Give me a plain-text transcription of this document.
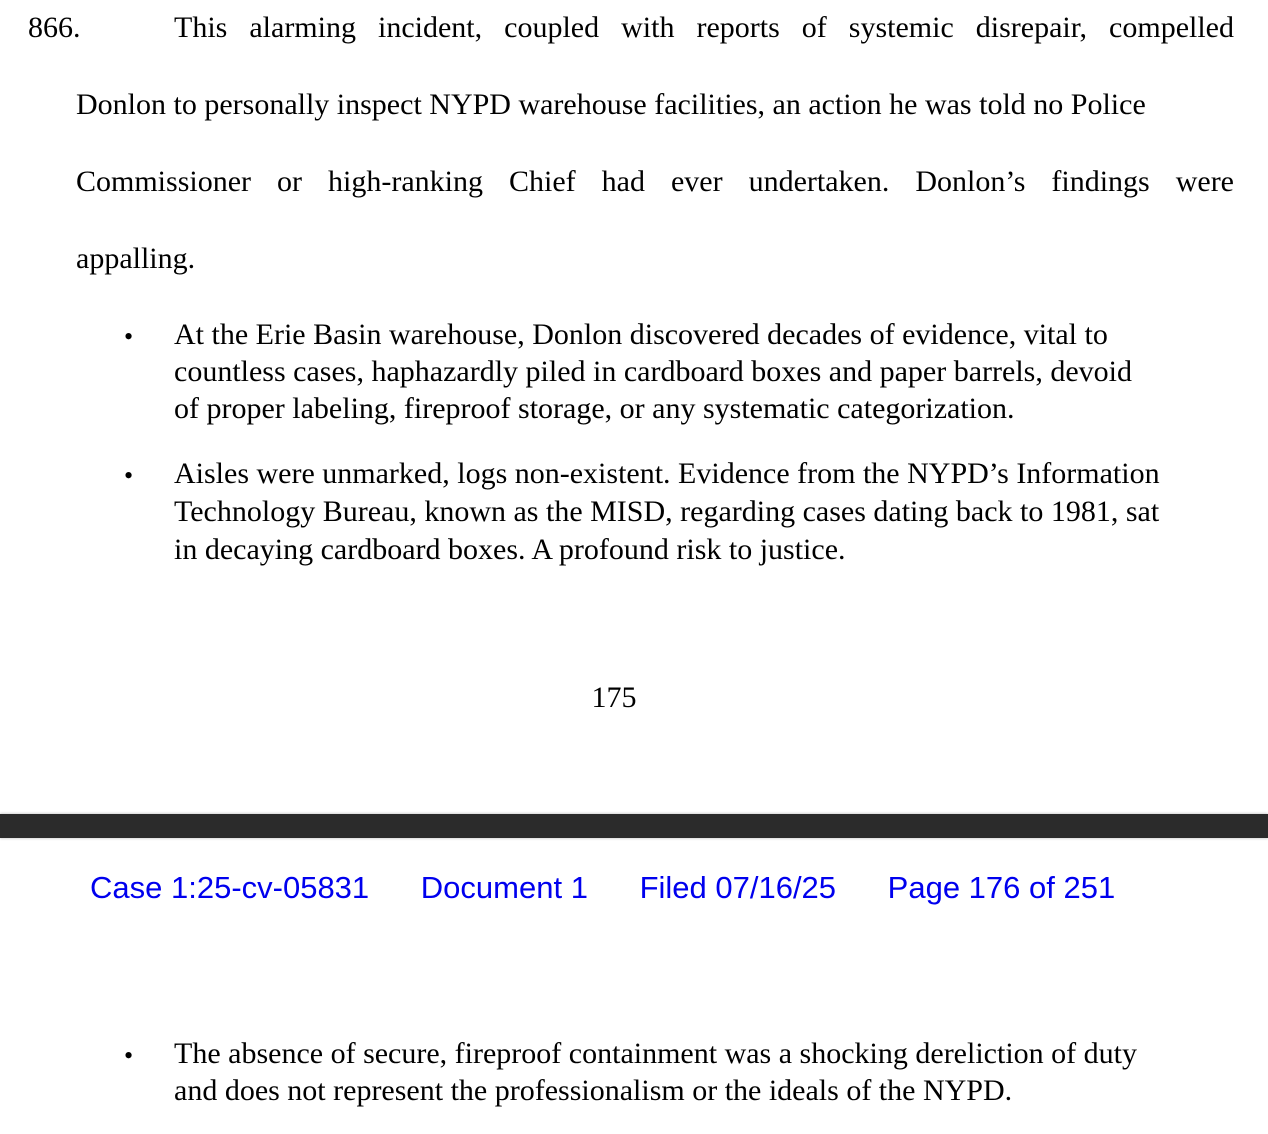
866.	This alarming incident, coupled with reports of systemic disrepair, compelled
Donlon to personally inspect NYPD warehouse facilities, an action he was told no Police
Commissioner or high-ranking Chief had ever undertaken. Donlon’s findings were
appalling.
• At the Erie Basin warehouse, Donlon discovered decades of evidence, vital to
countless cases, haphazardly piled in cardboard boxes and paper barrels, devoid
of proper labeling, fireproof storage, or any systematic categorization.
• Aisles were unmarked, logs non-existent. Evidence from the NYPD’s Information
Technology Bureau, known as the MISD, regarding cases dating back to 1981, sat
in decaying cardboard boxes. A profound risk to justice.
175
Case 1:25-cv-05831 Document 1 Filed 07/16/25 Page 176 of 251
• The absence of secure, fireproof containment was a shocking dereliction of duty
and does not represent the professionalism or the ideals of the NYPD.
